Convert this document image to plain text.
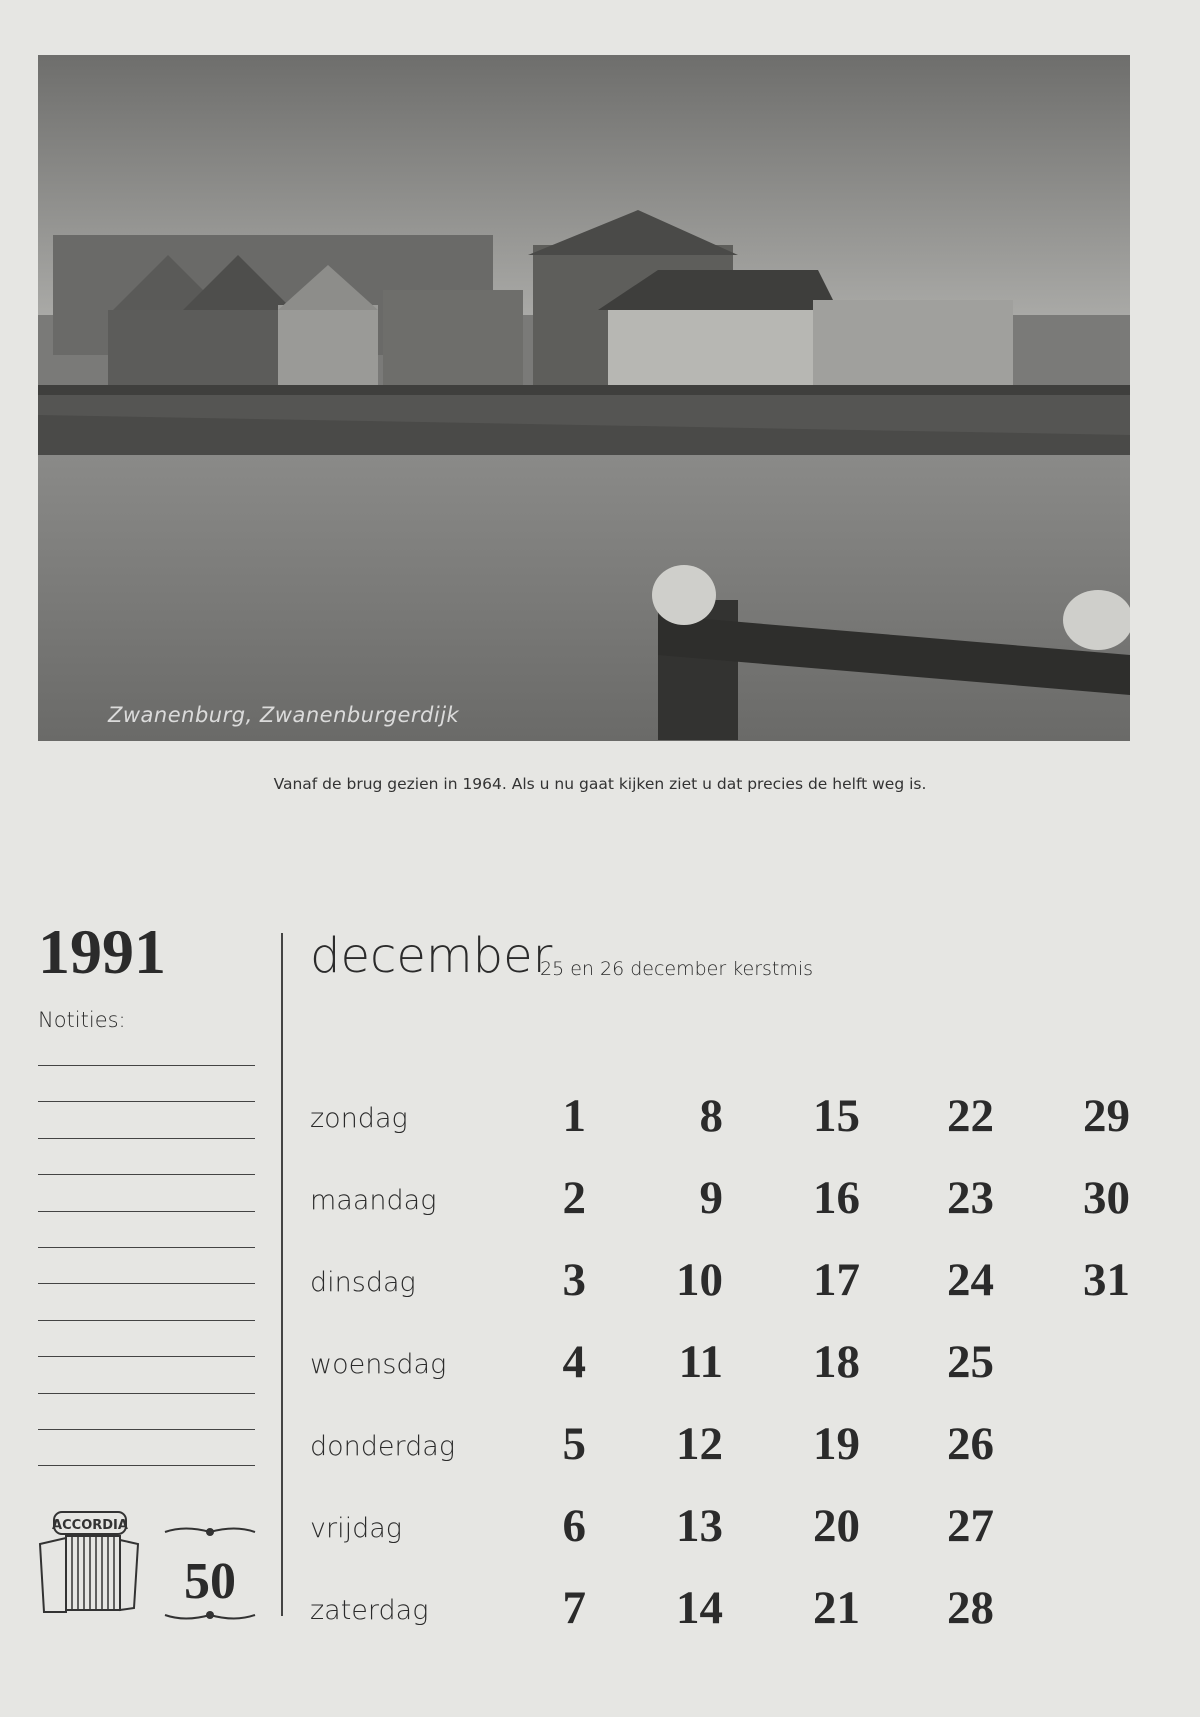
Zwanenburg, Zwanenburgerdijk
Vanaf de brug gezien in 1964. Als u nu gaat kijken ziet u dat precies de helft weg is.
1991
Notities:
ACCORDIA
50
december
25 en 26 december kerstmis
zondag	1	8	15	22	29
maandag	2	9	16	23	30
dinsdag	3	10	17	24	31
woensdag	4	11	18	25
donderdag	5	12	19	26
vrijdag	6	13	20	27
zaterdag	7	14	21	28
